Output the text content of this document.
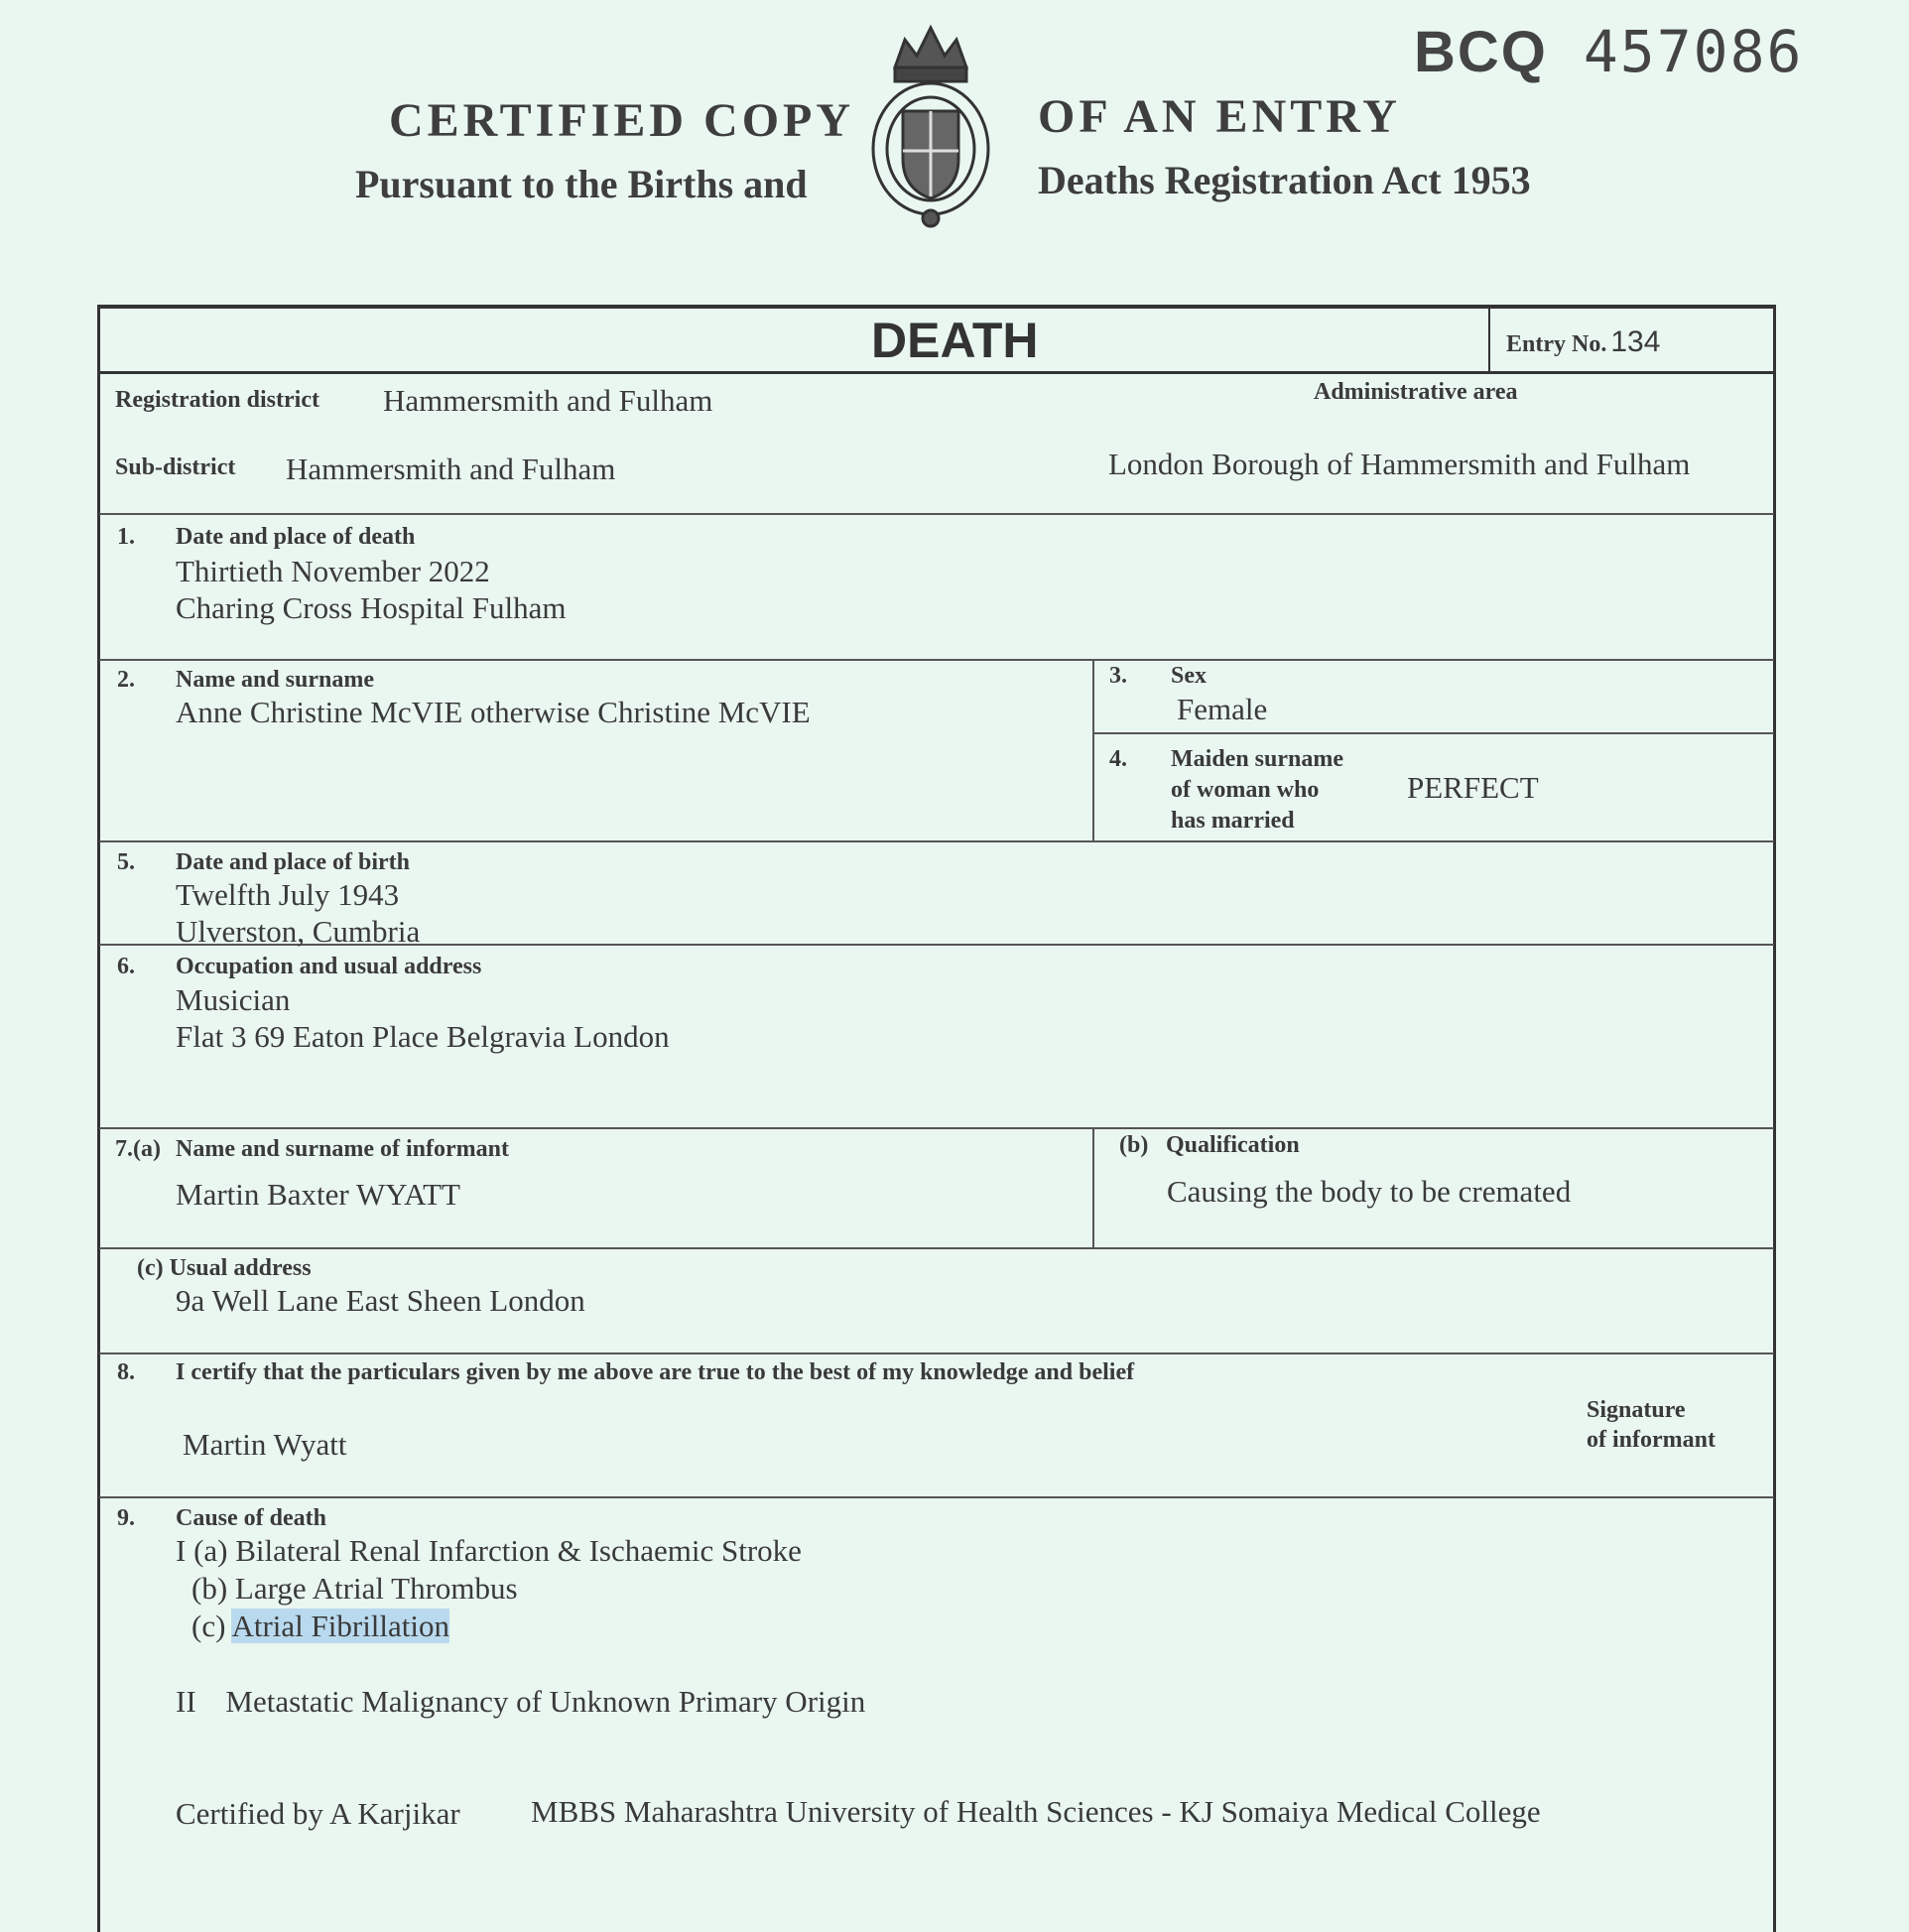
BCQ 457086
CERTIFIED COPY
Pursuant to the Births and
OF AN ENTRY
Deaths Registration Act 1953
DEATH	Entry No. 134
Registration district Hammersmith and Fulham	Administrative area
Sub-district Hammersmith and Fulham	London Borough of Hammersmith and Fulham
1. Date and place of death
Thirtieth November 2022
Charing Cross Hospital Fulham
2. Name and surname
Anne Christine McVIE otherwise Christine McVIE
3. Sex
Female
4. Maiden surname
of woman who
has married
PERFECT
5. Date and place of birth
Twelfth July 1943
Ulverston, Cumbria
6. Occupation and usual address
Musician
Flat 3 69 Eaton Place Belgravia London
7.(a) Name and surname of informant
Martin Baxter WYATT
(b) Qualification
Causing the body to be cremated
(c) Usual address
9a Well Lane East Sheen London
8. I certify that the particulars given by me above are true to the best of my knowledge and belief
Martin Wyatt
Signature
of informant
9. Cause of death
I (a) Bilateral Renal Infarction & Ischaemic Stroke
(b) Large Atrial Thrombus
(c) Atrial Fibrillation
II Metastatic Malignancy of Unknown Primary Origin
Certified by A Karjikar MBBS Maharashtra University of Health Sciences - KJ Somaiya Medical College
